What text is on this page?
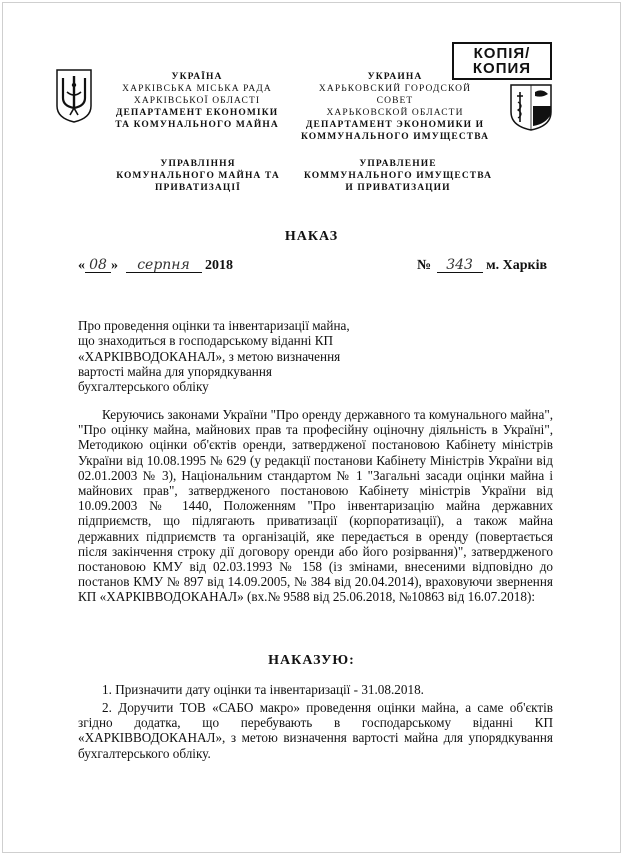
УКРАЇНА
ХАРКІВСЬКА МІСЬКА РАДА
ХАРКІВСЬКОЇ ОБЛАСТІ
ДЕПАРТАМЕНТ ЕКОНОМІКИ
ТА КОМУНАЛЬНОГО МАЙНА
УКРАИНА
ХАРЬКОВСКИЙ ГОРОДСКОЙ СОВЕТ
ХАРЬКОВСКОЙ ОБЛАСТИ
ДЕПАРТАМЕНТ ЭКОНОМИКИ И
КОММУНАЛЬНОГО ИМУЩЕСТВА
КОПІЯ/
КОПИЯ
УПРАВЛІННЯ
КОМУНАЛЬНОГО МАЙНА ТА
ПРИВАТИЗАЦІЇ
УПРАВЛЕНИЕ
КОММУНАЛЬНОГО ИМУЩЕСТВА
И ПРИВАТИЗАЦИИ
НАКАЗ
« 08 » серпня 2018	№ 343 м. Харків
Про проведення оцінки та інвентаризації майна, що знаходиться в господарському віданні КП «ХАРКІВВОДОКАНАЛ», з метою визначення вартості майна для упорядкування бухгалтерського обліку
Керуючись законами України "Про оренду державного та комунального майна", "Про оцінку майна, майнових прав та професійну оціночну діяльність в Україні", Методикою оцінки об'єктів оренди, затвердженої постановою Кабінету міністрів України від 10.08.1995 № 629 (у редакції постанови Кабінету Міністрів України від 02.01.2003 № 3), Національним стандартом № 1 "Загальні засади оцінки майна і майнових прав", затвердженого постановою Кабінету міністрів України від 10.09.2003 № 1440, Положенням "Про інвентаризацію майна державних підприємств, що підлягають приватизації (корпоратизації), а також майна державних підприємств та організацій, яке передається в оренду (повертається після закінчення строку дії договору оренди або його розірвання)", затвердженого постановою КМУ від 02.03.1993 № 158 (із змінами, внесеними відповідно до постанов КМУ № 897 від 14.09.2005, № 384 від 20.04.2014), враховуючи звернення КП «ХАРКІВВОДОКАНАЛ» (вх.№ 9588 від 25.06.2018, №10863 від 16.07.2018):
НАКАЗУЮ:
1. Призначити дату оцінки та інвентаризації - 31.08.2018.
2. Доручити ТОВ «САБО макро» проведення оцінки майна, а саме об'єктів згідно додатка, що перебувають в господарському віданні КП «ХАРКІВВОДОКАНАЛ», з метою визначення вартості майна для упорядкування бухгалтерського обліку.
